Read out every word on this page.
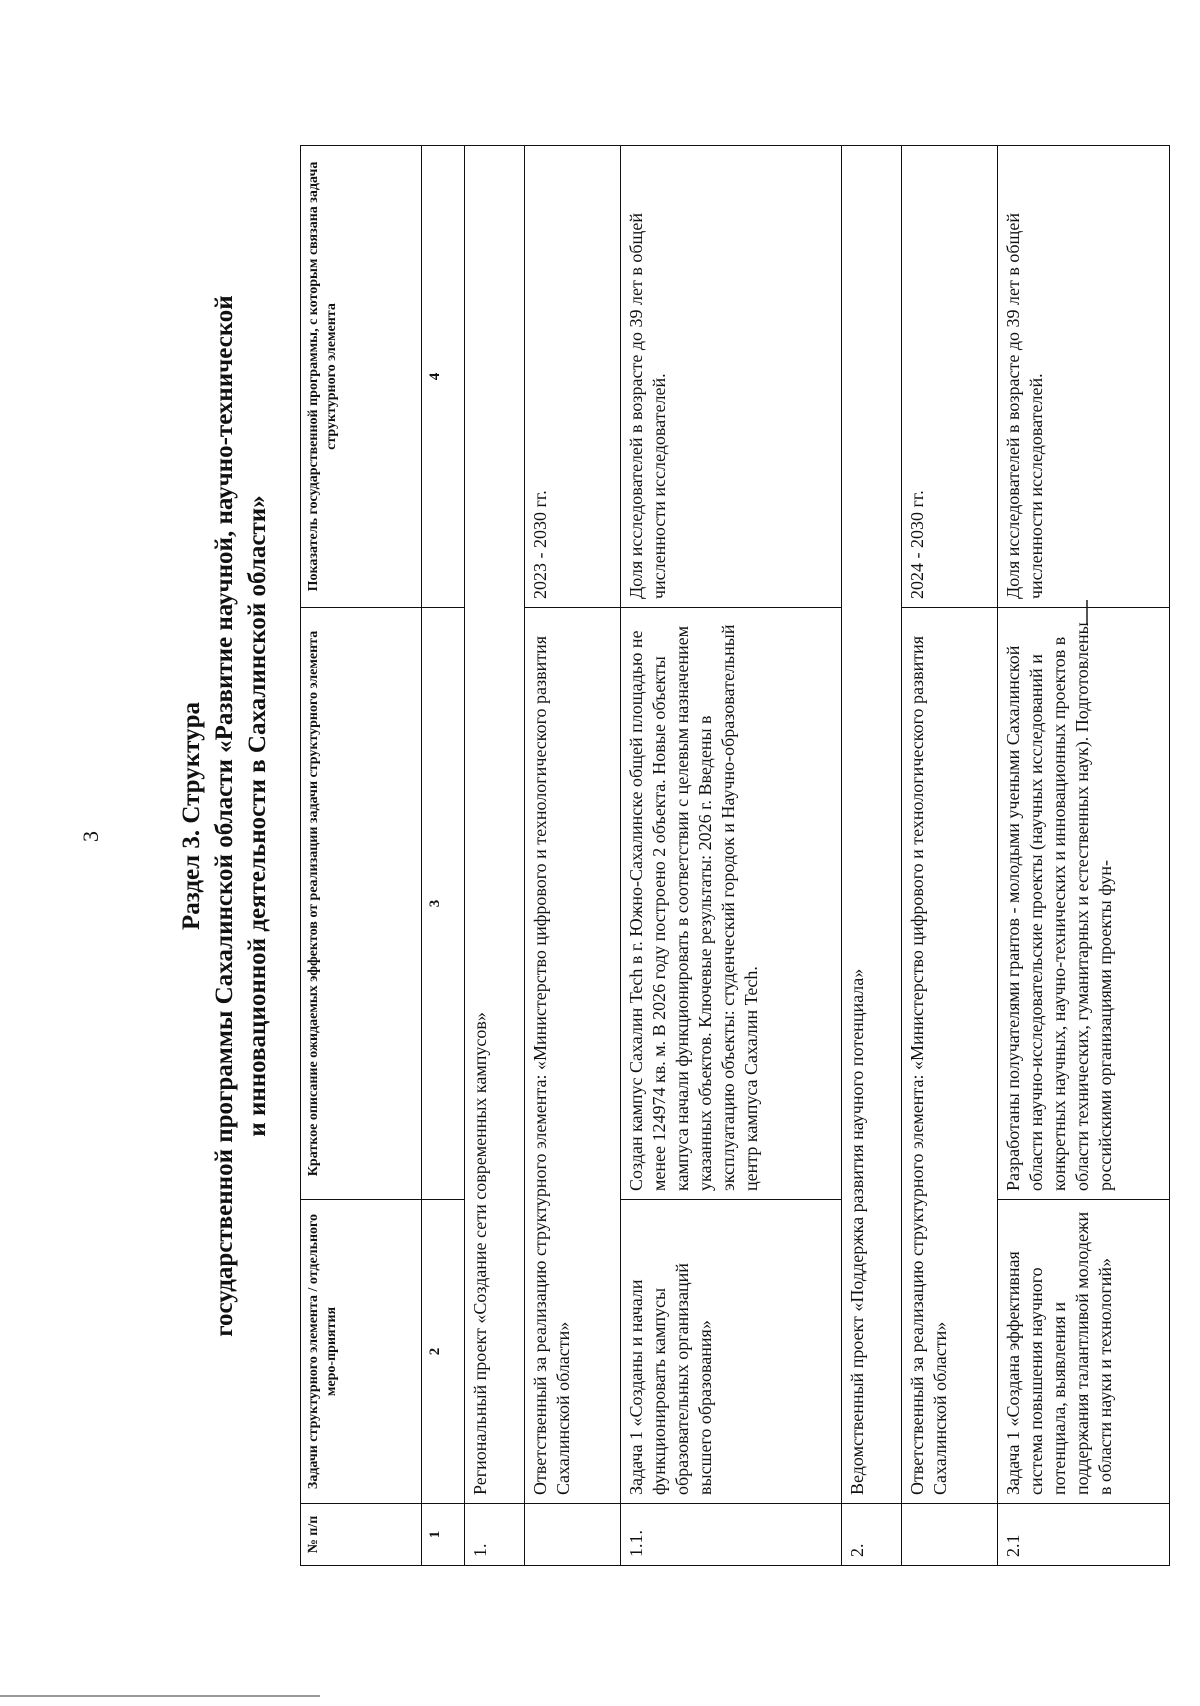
3	Раздел 3. Структура государственной программы Сахалинской области «Развитие научной, научно-технической и инновационной деятельности в Сахалинской области»
№ п/п	Задачи структурного элемента / отдельного меро-приятия	Краткое описание ожидаемых эффектов от реализации задачи структурного элемента	Показатель государственной программы, с которым связана задача структурного элемента
1	2	3	4
1.	Региональный проект «Создание сети современных кампусов»		
	Ответственный за реализацию структурного элемента: «Министерство цифрового и технологического развития Сахалинской области»		2023 - 2030 гг.
1.1.	Задача 1 «Созданы и начали функционировать кампусы образовательных организаций высшего образования»	Создан кампус Сахалин Tech в г. Южно-Сахалинске общей площадью не менее 124974 кв. м. В 2026 году построено 2 объекта. Новые объекты кампуса начали функционировать в соответствии с целевым назначением указанных объектов. Ключевые результаты: 2026 г. Введены в эксплуатацию объекты: студенческий городок и Научно-образовательный центр кампуса Сахалин Tech.	Доля исследователей в возрасте до 39 лет в общей численности исследователей.
2.	Ведомственный проект «Поддержка развития научного потенциала»		
	Ответственный за реализацию структурного элемента: «Министерство цифрового и технологического развития Сахалинской области»		2024 - 2030 гг.
2.1	Задача 1 «Создана эффективная система повышения научного потенциала, выявления и поддержания талантливой молодежи в области науки и технологий»	Разработаны получателями грантов - молодыми учеными Сахалинской области научно-исследовательские проекты (научных исследований и конкретных научных, научно-технических и инновационных проектов в области технических, гуманитарных и естественных наук). Подготовлены российскими организациями проекты фун-	Доля исследователей в возрасте до 39 лет в общей численности исследователей.
